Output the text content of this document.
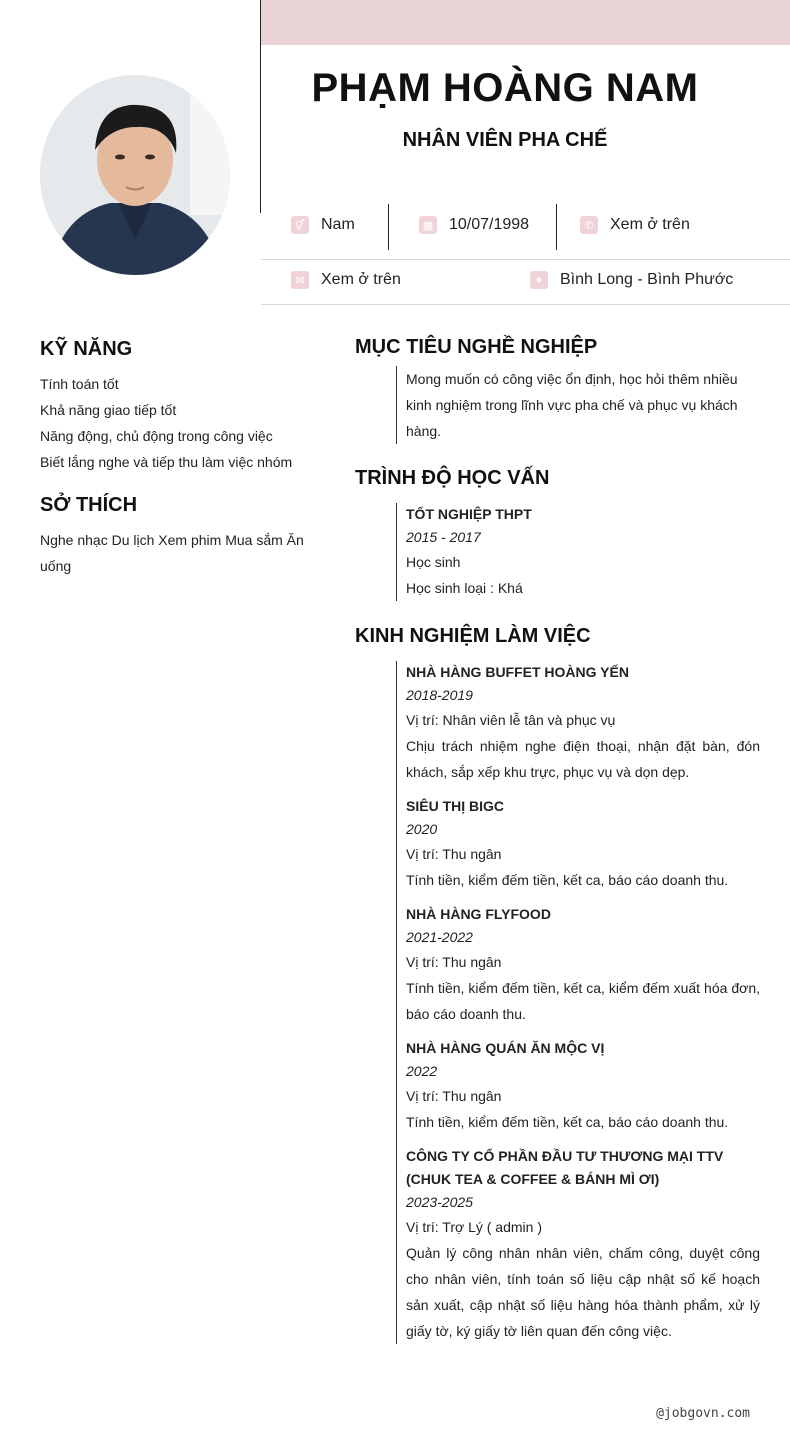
PHẠM HOÀNG NAM
NHÂN VIÊN PHA CHẾ
⚥ Nam	▦ 10/07/1998	✆ Xem ở trên
✉ Xem ở trên	●	Bình Long - Bình Phước
KỸ NĂNG
Tính toán tốt
Khả năng giao tiếp tốt
Năng động, chủ động trong công việc
Biết lắng nghe và tiếp thu làm việc nhóm
SỞ THÍCH
Nghe nhạc Du lịch Xem phim Mua sắm Ăn uống
MỤC TIÊU NGHỀ NGHIỆP
Mong muốn có công việc ổn định, học hỏi thêm nhiều kinh nghiệm trong lĩnh vực pha chế và phục vụ khách hàng.
TRÌNH ĐỘ HỌC VẤN
TỐT NGHIỆP THPT
2015 - 2017
Học sinh
Học sinh loại : Khá
KINH NGHIỆM LÀM VIỆC
NHÀ HÀNG BUFFET HOÀNG YẾN
2018-2019
Vị trí: Nhân viên lễ tân và phục vụ
Chịu trách nhiệm nghe điện thoại, nhận đặt bàn, đón khách, sắp xếp khu trực, phục vụ và dọn dẹp.
SIÊU THỊ BIGC
2020
Vị trí: Thu ngân
Tính tiền, kiểm đếm tiền, kết ca, báo cáo doanh thu.
NHÀ HÀNG FLYFOOD
2021-2022
Vị trí: Thu ngân
Tính tiền, kiểm đếm tiền, kết ca, kiểm đếm xuất hóa đơn, báo cáo doanh thu.
NHÀ HÀNG QUÁN ĂN MỘC VỊ
2022
Vị trí: Thu ngân
Tính tiền, kiểm đếm tiền, kết ca, báo cáo doanh thu.
CÔNG TY CỔ PHẦN ĐẦU TƯ THƯƠNG MẠI TTV (CHUK TEA & COFFEE & BÁNH MÌ ƠI)
2023-2025
Vị trí: Trợ Lý ( admin )
Quản lý công nhân nhân viên, chấm công, duyệt công cho nhân viên, tính toán số liệu cập nhật số kế hoạch sản xuất, cập nhật số liệu hàng hóa thành phẩm, xử lý giấy tờ, ký giấy tờ liên quan đến công việc.
@jobgovn.com
